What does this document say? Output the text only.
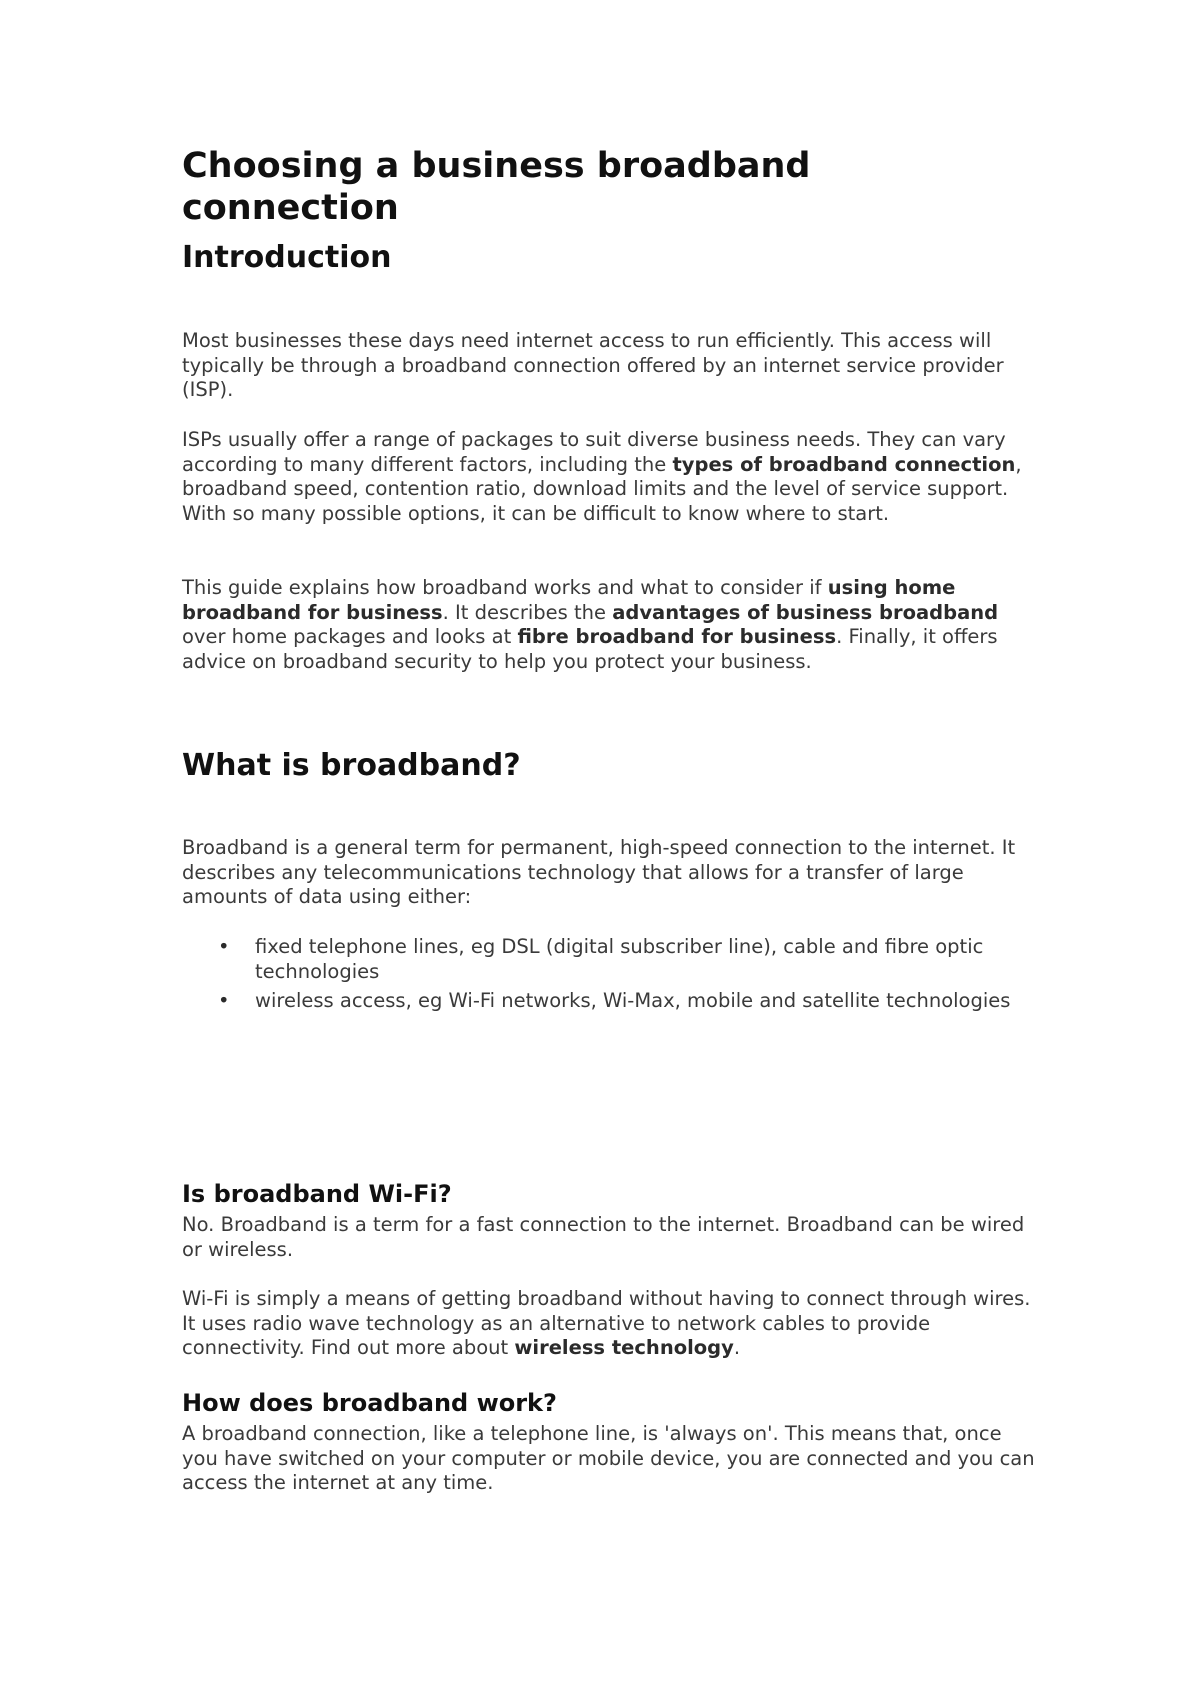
Choosing a business broadband connection
Introduction

Most businesses these days need internet access to run efficiently. This access will typically be through a broadband connection offered by an internet service provider (ISP).

ISPs usually offer a range of packages to suit diverse business needs. They can vary according to many different factors, including the types of broadband connection, broadband speed, contention ratio, download limits and the level of service support. With so many possible options, it can be difficult to know where to start.

This guide explains how broadband works and what to consider if using home broadband for business. It describes the advantages of business broadband over home packages and looks at fibre broadband for business. Finally, it offers advice on broadband security to help you protect your business.

What is broadband?

Broadband is a general term for permanent, high-speed connection to the internet. It describes any telecommunications technology that allows for a transfer of large amounts of data using either:

• fixed telephone lines, eg DSL (digital subscriber line), cable and fibre optic technologies
• wireless access, eg Wi-Fi networks, Wi-Max, mobile and satellite technologies
Is broadband Wi-Fi?

No. Broadband is a term for a fast connection to the internet. Broadband can be wired or wireless.

Wi-Fi is simply a means of getting broadband without having to connect through wires. It uses radio wave technology as an alternative to network cables to provide connectivity. Find out more about wireless technology.

How does broadband work?

A broadband connection, like a telephone line, is 'always on'. This means that, once you have switched on your computer or mobile device, you are connected and you can access the internet at any time.
